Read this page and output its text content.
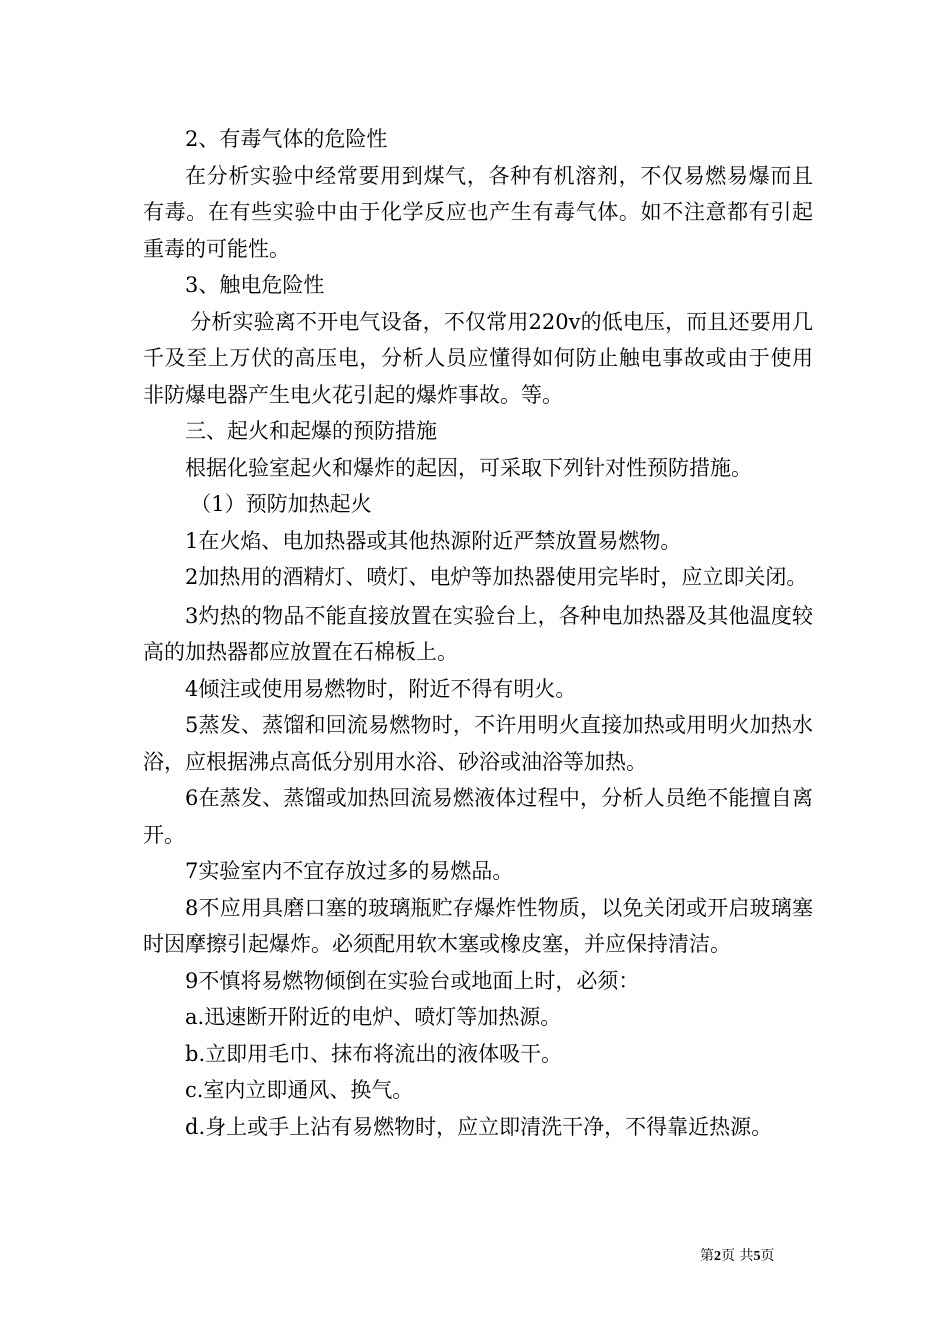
2、有毒气体的危险性

在分析实验中经常要用到煤气，各种有机溶剂，不仅易燃易爆而且有毒。在有些实验中由于化学反应也产生有毒气体。如不注意都有引起重毒的可能性。

3、触电危险性

分析实验离不开电气设备，不仅常用220v的低电压，而且还要用几千及至上万伏的高压电，分析人员应懂得如何防止触电事故或由于使用非防爆电器产生电火花引起的爆炸事故。等。

三、起火和起爆的预防措施

根据化验室起火和爆炸的起因，可采取下列针对性预防措施。

（1）预防加热起火

1在火焰、电加热器或其他热源附近严禁放置易燃物。

2加热用的酒精灯、喷灯、电炉等加热器使用完毕时，应立即关闭。

3灼热的物品不能直接放置在实验台上，各种电加热器及其他温度较高的加热器都应放置在石棉板上。

4倾注或使用易燃物时，附近不得有明火。

5蒸发、蒸馏和回流易燃物时，不许用明火直接加热或用明火加热水浴，应根据沸点高低分别用水浴、砂浴或油浴等加热。

6在蒸发、蒸馏或加热回流易燃液体过程中，分析人员绝不能擅自离开。

7实验室内不宜存放过多的易燃品。

8不应用具磨口塞的玻璃瓶贮存爆炸性物质，以免关闭或开启玻璃塞时因摩擦引起爆炸。必须配用软木塞或橡皮塞，并应保持清洁。

9不慎将易燃物倾倒在实验台或地面上时，必须：

a.迅速断开附近的电炉、喷灯等加热源。

b.立即用毛巾、抹布将流出的液体吸干。

c.室内立即通风、换气。

d.身上或手上沾有易燃物时，应立即清洗干净，不得靠近热源。

第2页 共5页
